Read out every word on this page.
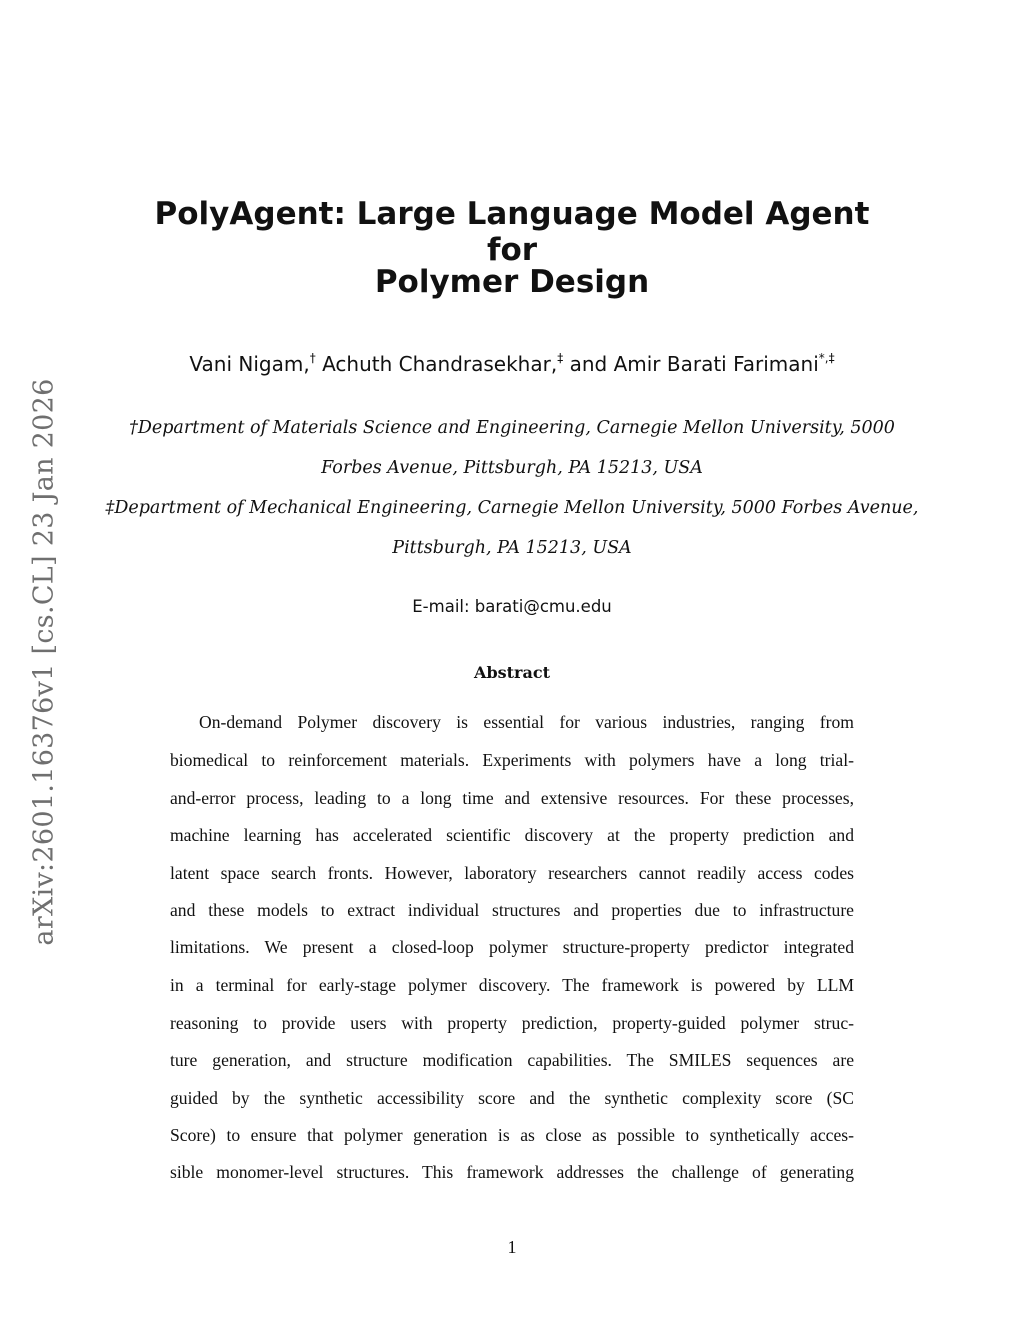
arXiv:2601.16376v1 [cs.CL] 23 Jan 2026
PolyAgent: Large Language Model Agent for
Polymer Design
Vani Nigam,† Achuth Chandrasekhar,‡ and Amir Barati Farimani*,‡
†Department of Materials Science and Engineering, Carnegie Mellon University, 5000
Forbes Avenue, Pittsburgh, PA 15213, USA
‡Department of Mechanical Engineering, Carnegie Mellon University, 5000 Forbes Avenue,
Pittsburgh, PA 15213, USA
E-mail: barati@cmu.edu
Abstract
On-demand Polymer discovery is essential for various industries, ranging from
biomedical to reinforcement materials. Experiments with polymers have a long trial-
and-error process, leading to a long time and extensive resources. For these processes,
machine learning has accelerated scientific discovery at the property prediction and
latent space search fronts. However, laboratory researchers cannot readily access codes
and these models to extract individual structures and properties due to infrastructure
limitations. We present a closed-loop polymer structure-property predictor integrated
in a terminal for early-stage polymer discovery. The framework is powered by LLM
reasoning to provide users with property prediction, property-guided polymer struc-
ture generation, and structure modification capabilities. The SMILES sequences are
guided by the synthetic accessibility score and the synthetic complexity score (SC
Score) to ensure that polymer generation is as close as possible to synthetically acces-
sible monomer-level structures. This framework addresses the challenge of generating
1
